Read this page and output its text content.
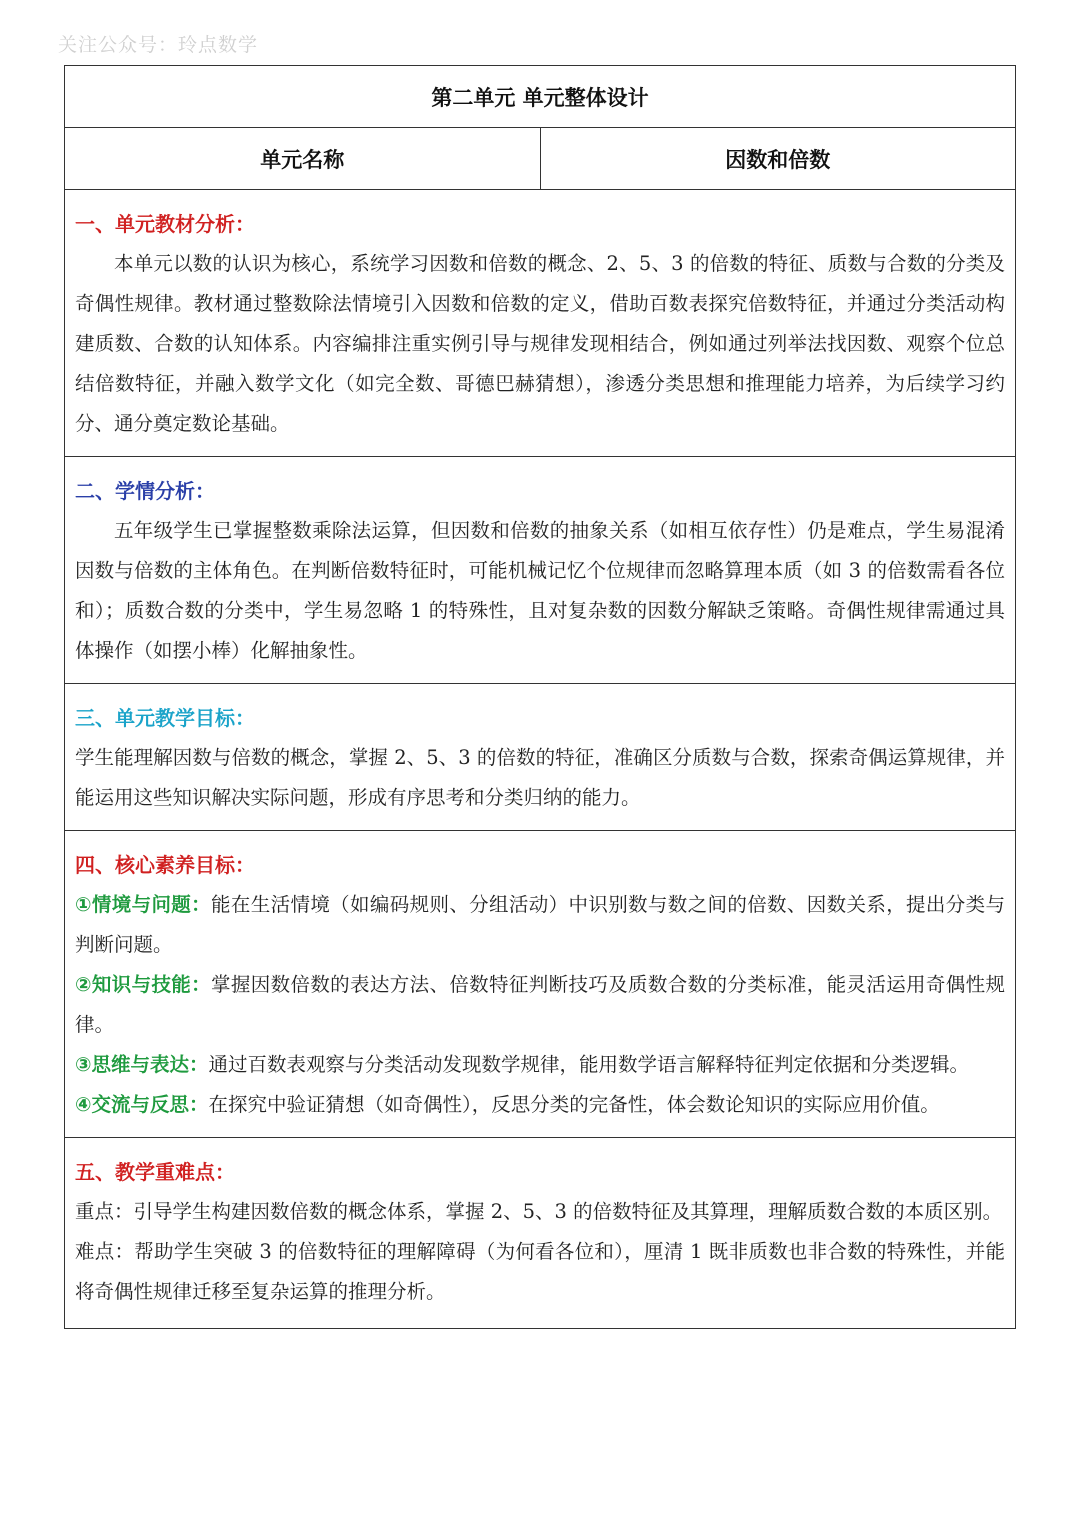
关注公众号：玲点数学
第二单元 单元整体设计
单元名称	因数和倍数
一、单元教材分析：

本单元以数的认识为核心，系统学习因数和倍数的概念、2、5、3 的倍数的特征、质数与合数的分类及奇偶性规律。教材通过整数除法情境引入因数和倍数的定义，借助百数表探究倍数特征，并通过分类活动构建质数、合数的认知体系。内容编排注重实例引导与规律发现相结合，例如通过列举法找因数、观察个位总结倍数特征，并融入数学文化（如完全数、哥德巴赫猜想），渗透分类思想和推理能力培养，为后续学习约分、通分奠定数论基础。

二、学情分析：

五年级学生已掌握整数乘除法运算，但因数和倍数的抽象关系（如相互依存性）仍是难点，学生易混淆因数与倍数的主体角色。在判断倍数特征时，可能机械记忆个位规律而忽略算理本质（如 3 的倍数需看各位和）；质数合数的分类中，学生易忽略 1 的特殊性，且对复杂数的因数分解缺乏策略。奇偶性规律需通过具体操作（如摆小棒）化解抽象性。

三、单元教学目标：

学生能理解因数与倍数的概念，掌握 2、5、3 的倍数的特征，准确区分质数与合数，探索奇偶运算规律，并能运用这些知识解决实际问题，形成有序思考和分类归纳的能力。

四、核心素养目标：

①情境与问题：能在生活情境（如编码规则、分组活动）中识别数与数之间的倍数、因数关系，提出分类与判断问题。

②知识与技能：掌握因数倍数的表达方法、倍数特征判断技巧及质数合数的分类标准，能灵活运用奇偶性规律。

③思维与表达：通过百数表观察与分类活动发现数学规律，能用数学语言解释特征判定依据和分类逻辑。

④交流与反思：在探究中验证猜想（如奇偶性），反思分类的完备性，体会数论知识的实际应用价值。

五、教学重难点：

重点：引导学生构建因数倍数的概念体系，掌握 2、5、3 的倍数特征及其算理，理解质数合数的本质区别。

难点：帮助学生突破 3 的倍数特征的理解障碍（为何看各位和），厘清 1 既非质数也非合数的特殊性，并能将奇偶性规律迁移至复杂运算的推理分析。
